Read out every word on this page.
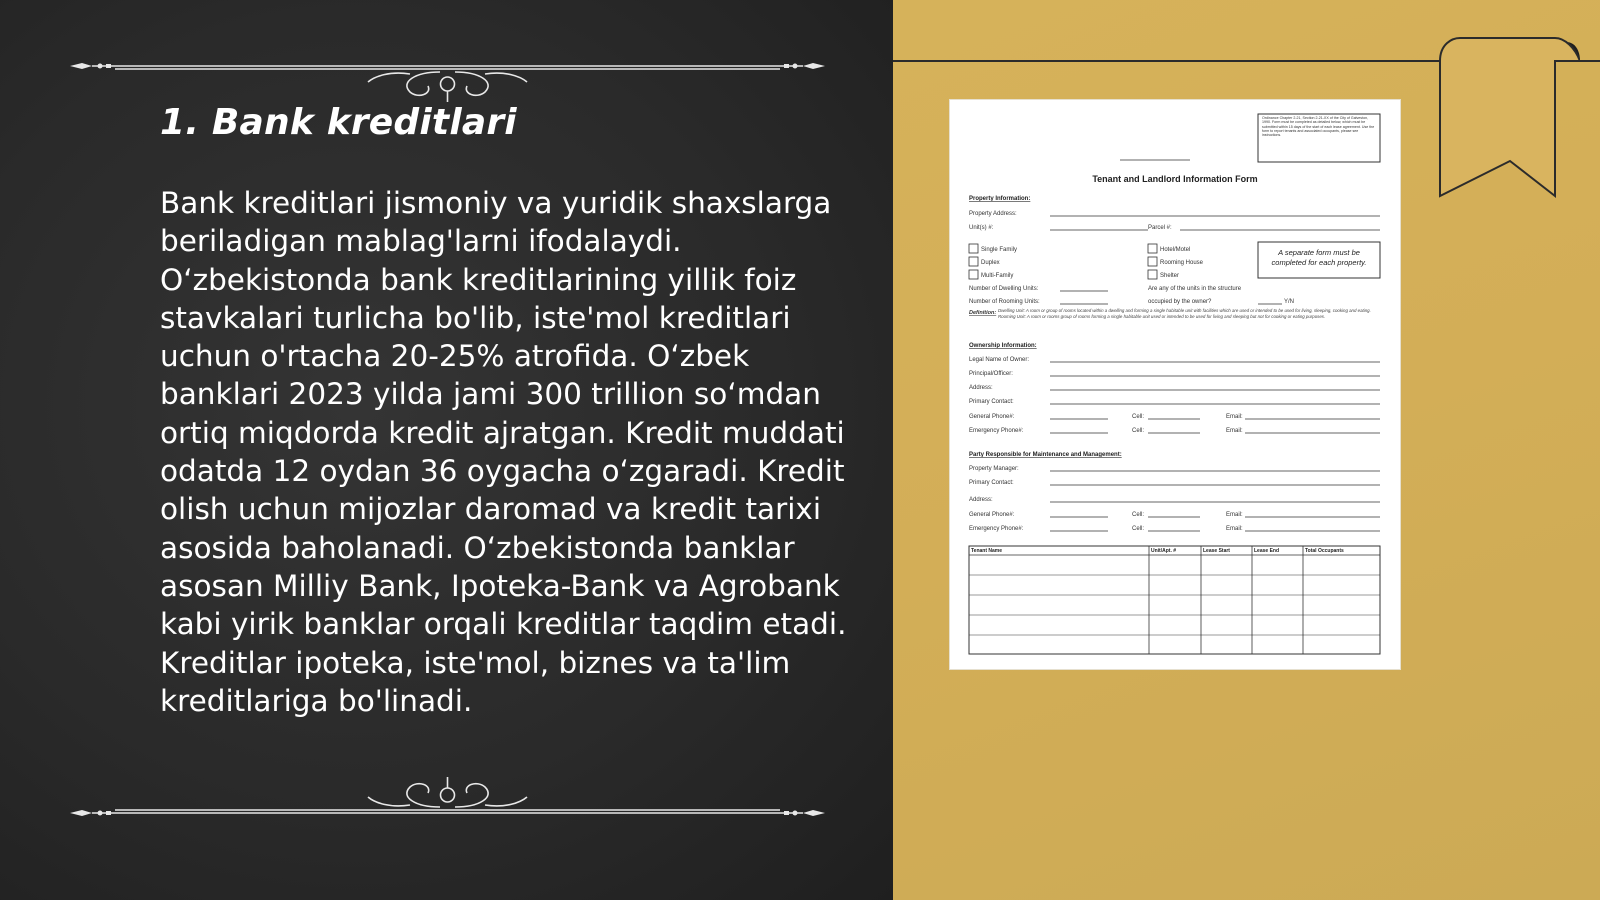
1. Bank kreditlari

Bank kreditlari jismoniy va yuridik shaxslarga beriladigan mablag'larni ifodalaydi. O‘zbekistonda bank kreditlarining yillik foiz stavkalari turlicha bo'lib, iste'mol kreditlari uchun o'rtacha 20-25% atrofida. O‘zbek banklari 2023 yilda jami 300 trillion so‘mdan ortiq miqdorda kredit ajratgan. Kredit muddati odatda 12 oydan 36 oygacha o‘zgaradi. Kredit olish uchun mijozlar daromad va kredit tarixi asosida baholanadi. O‘zbekistonda banklar asosan Milliy Bank, Ipoteka-Bank va Agrobank kabi yirik banklar orqali kreditlar taqdim etadi. Kreditlar ipoteka, iste'mol, biznes va ta'lim kreditlariga bo'linadi.

Ordinance Chapter 2-21, Section 2-21-XX of the City of Galveston, 1990. Form must be completed as detailed below, which must be submitted within 15 days of the start of each lease agreement. Use the form to report tenants and associated occupants, please see instructions.
Tenant and Landlord Information Form
Property Information:
Property Address:
Unit(s) #:	Parcel #:
Single Family
Duplex
Multi-Family
Hotel/Motel
Rooming House
Shelter
A separate form must be completed for each property.
Number of Dwelling Units:	Are any of the units in the structure
Number of Rooming Units:	occupied by the owner?	Y/N
Definition: Dwelling Unit: A room or group of rooms located within a dwelling and forming a single habitable unit with facilities which are used or intended to be used for living, sleeping, cooking and eating. Rooming Unit: A room or rooms group of rooms forming a single habitable unit used or intended to be used for living and sleeping but not for cooking or eating purposes.
Ownership Information:
Legal Name of Owner:
Principal/Officer:
Address:
Primary Contact:
General Phone#:	Cell:	Email:
Emergency Phone#:	Cell:	Email:
Party Responsible for Maintenance and Management:
Property Manager:
Primary Contact:
Address:
General Phone#:	Cell:	Email:
Emergency Phone#:	Cell:	Email:
Tenant Name	Unit/Apt. #	Lease Start	Lease End	Total Occupants
